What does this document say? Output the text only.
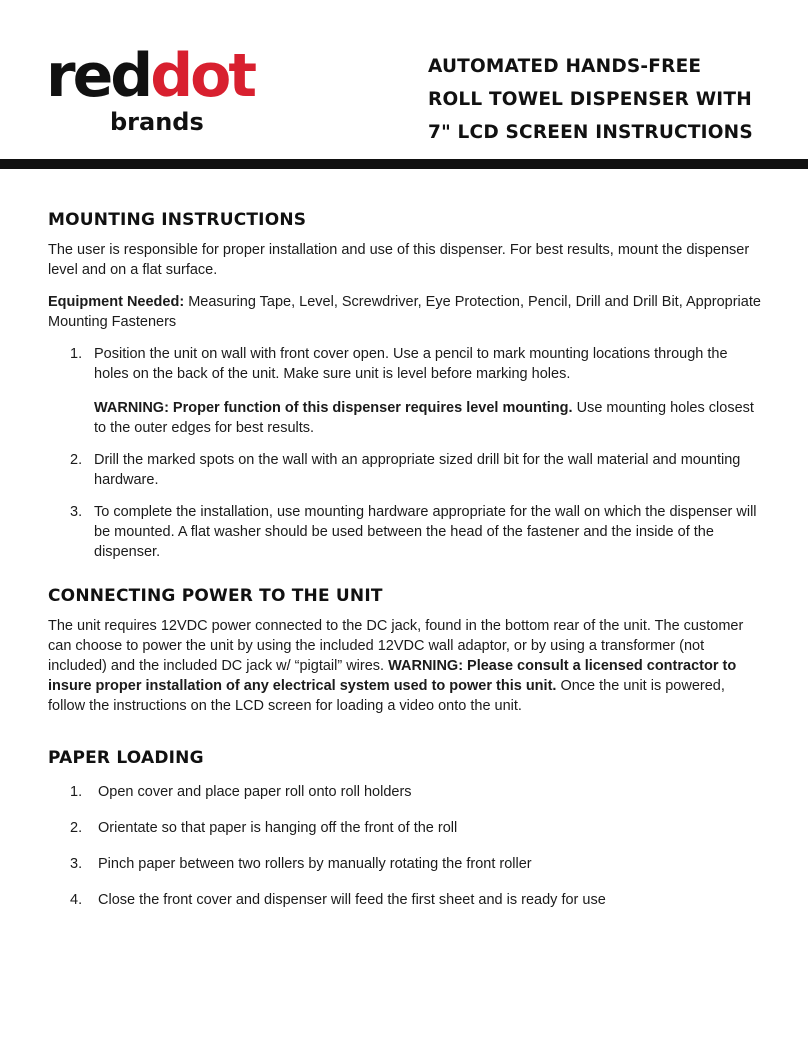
reddot
brands
AUTOMATED HANDS-FREE
ROLL TOWEL DISPENSER WITH
7" LCD SCREEN INSTRUCTIONS
MOUNTING INSTRUCTIONS

The user is responsible for proper installation and use of this dispenser. For best results, mount the dispenser level and on a flat surface.

Equipment Needed: Measuring Tape, Level, Screwdriver, Eye Protection, Pencil, Drill and Drill Bit, Appropriate Mounting Fasteners

1. Position the unit on wall with front cover open. Use a pencil to mark mounting locations through the holes on the back of the unit. Make sure unit is level before marking holes.
WARNING: Proper function of this dispenser requires level mounting. Use mounting holes closest to the outer edges for best results.
2. Drill the marked spots on the wall with an appropriate sized drill bit for the wall material and mounting hardware.
3. To complete the installation, use mounting hardware appropriate for the wall on which the dispenser will be mounted. A flat washer should be used between the head of the fastener and the inside of the dispenser.
CONNECTING POWER TO THE UNIT

The unit requires 12VDC power connected to the DC jack, found in the bottom rear of the unit. The customer can choose to power the unit by using the included 12VDC wall adaptor, or by using a transformer (not included) and the included DC jack w/ “pigtail” wires. WARNING: Please consult a licensed contractor to insure proper installation of any electrical system used to power this unit. Once the unit is powered, follow the instructions on the LCD screen for loading a video onto the unit.

PAPER LOADING
1. Open cover and place paper roll onto roll holders
2. Orientate so that paper is hanging off the front of the roll
3. Pinch paper between two rollers by manually rotating the front roller
4. Close the front cover and dispenser will feed the first sheet and is ready for use
